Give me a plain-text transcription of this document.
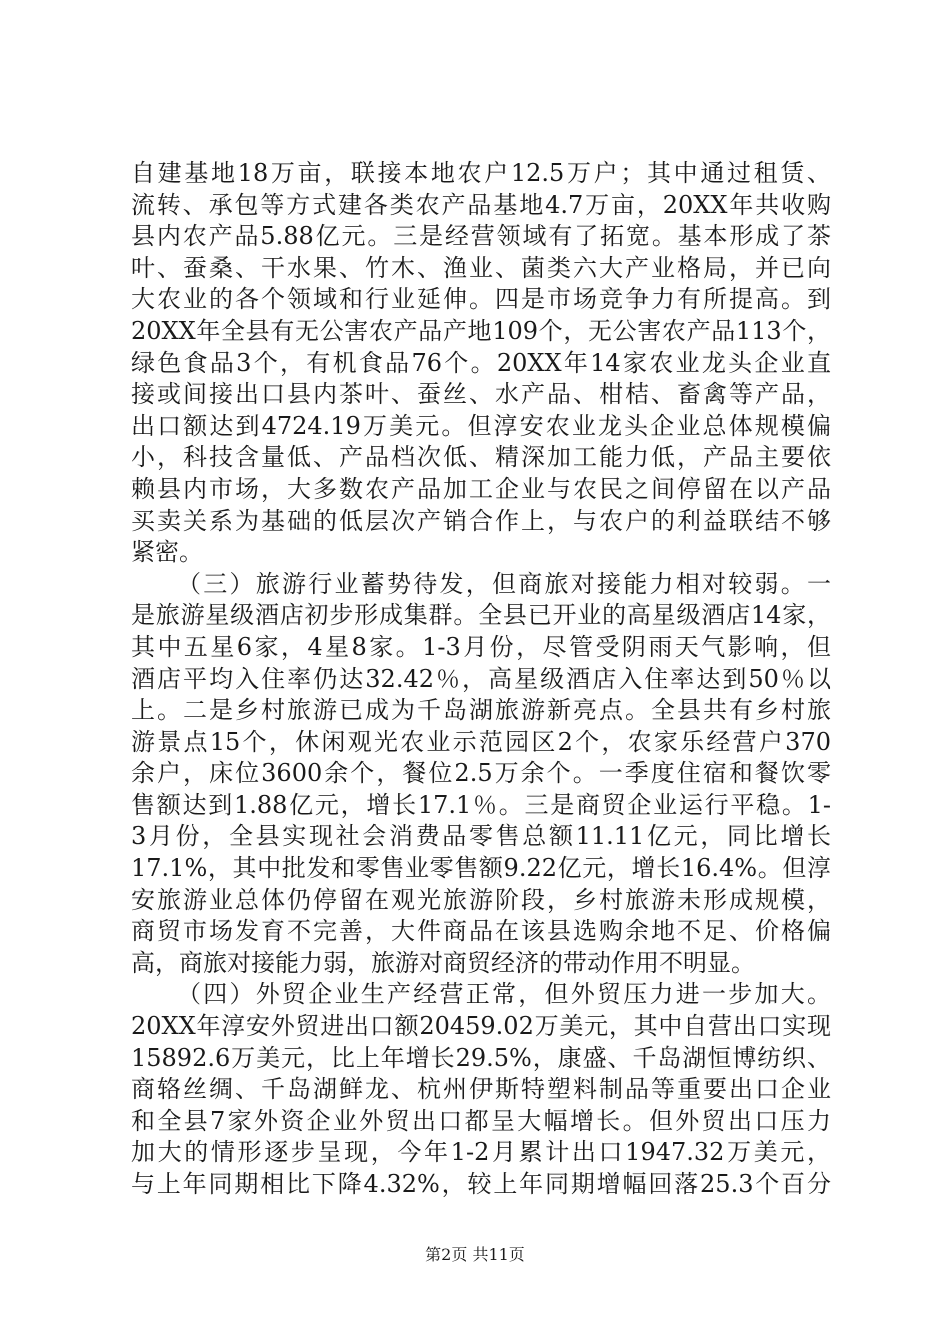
自建基地18万亩，联接本地农户12.5万户；其中通过租赁、
流转、承包等方式建各类农产品基地4.7万亩，20XX年共收购
县内农产品5.88亿元。三是经营领域有了拓宽。基本形成了茶
叶、蚕桑、干水果、竹木、渔业、菌类六大产业格局，并已向
大农业的各个领域和行业延伸。四是市场竞争力有所提高。到
20XX年全县有无公害农产品产地109个，无公害农产品113个，
绿色食品3个，有机食品76个。20XX年14家农业龙头企业直
接或间接出口县内茶叶、蚕丝、水产品、柑桔、畜禽等产品，
出口额达到4724.19万美元。但淳安农业龙头企业总体规模偏
小，科技含量低、产品档次低、精深加工能力低，产品主要依
赖县内市场，大多数农产品加工企业与农民之间停留在以产品
买卖关系为基础的低层次产销合作上，与农户的利益联结不够
紧密。
（三）旅游行业蓄势待发，但商旅对接能力相对较弱。一
是旅游星级酒店初步形成集群。全县已开业的高星级酒店14家，
其中五星6家，4星8家。1-3月份，尽管受阴雨天气影响，但
酒店平均入住率仍达32.42％，高星级酒店入住率达到50％以
上。二是乡村旅游已成为千岛湖旅游新亮点。全县共有乡村旅
游景点15个，休闲观光农业示范园区2个，农家乐经营户370
余户，床位3600余个，餐位2.5万余个。一季度住宿和餐饮零
售额达到1.88亿元，增长17.1％。三是商贸企业运行平稳。1-
3月份，全县实现社会消费品零售总额11.11亿元，同比增长
17.1%，其中批发和零售业零售额9.22亿元，增长16.4%。但淳
安旅游业总体仍停留在观光旅游阶段，乡村旅游未形成规模，
商贸市场发育不完善，大件商品在该县选购余地不足、价格偏
高，商旅对接能力弱，旅游对商贸经济的带动作用不明显。
（四）外贸企业生产经营正常，但外贸压力进一步加大。
20XX年淳安外贸进出口额20459.02万美元，其中自营出口实现
15892.6万美元，比上年增长29.5%，康盛、千岛湖恒博纺织、
商辂丝绸、千岛湖鲜龙、杭州伊斯特塑料制品等重要出口企业
和全县7家外资企业外贸出口都呈大幅增长。但外贸出口压力
加大的情形逐步呈现，今年1-2月累计出口1947.32万美元，
与上年同期相比下降4.32%，较上年同期增幅回落25.3个百分
第2页 共11页
